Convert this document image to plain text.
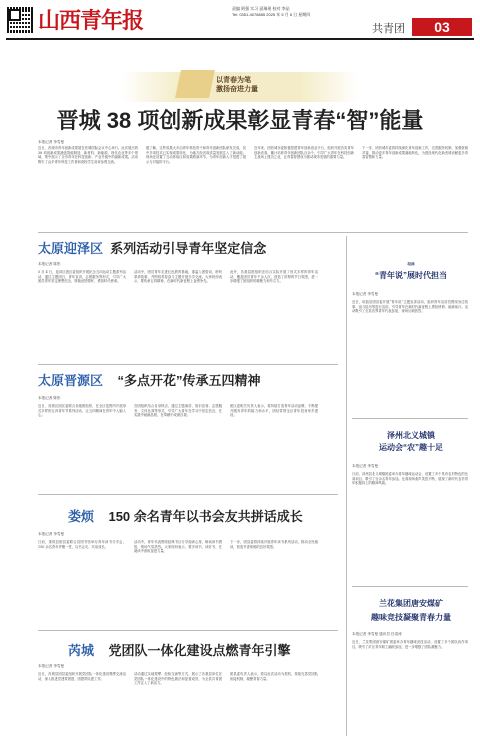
山西青年报	责编 阿强 实习 邱瑞瑶 校对 李品
Tel: 0351-4078855 2025 年 5 月 6 日 星期四
共青团	03
以青春为笔
激扬奋进力量
晋城 38 项创新成果彰显青春“智”能量
本报记者 李雪曼
近日，晋城市青年创新成果展在晋城国际会议中心举行。此次展出的 38 项创新成果涵盖智能制造、新材料、新能源、现代农业等多个领域，集中展示了全市青年在科技创新、产业升级中的最新成果。活动吸引了众多青年科技工作者和高校学生前来参观交流。
据了解，这些成果大多由青年科技骨干和青年创新团队研发完成，其中多项技术已实现成果转化，为地方经济高质量发展注入了新动能。现场还设置了互动体验区和成果路演环节，为青年创新人才搭建了展示与对接的平台。
近年来，团晋城市委积极搭建青年创新创业平台，组织开展各类青年创新竞赛，累计培育青年创新团队百余个，引导广大青年在科技创新主战场上建功立业，让青春智慧成为推动城市发展的重要力量。
下一步，团晋城市委将持续深化青年创新工作，完善服务机制，加强资源对接，推动更多青年创新成果落地转化，为建设现代化新晋城贡献更多青春智慧和力量。
太原迎泽区 系列活动引导青年坚定信念
本报记者 陈彤
5 月 4 日，迎泽区团区委组织开展纪念五四运动主题系列活动，通过主题团日、青年宣讲、志愿服务等形式，引导广大团员青年坚定理想信念，厚植爱国情怀，勇担时代使命。
活动中，团员青年走进红色教育基地，重温入团誓词，聆听革命故事，并围绕青春奋斗主题开展分享交流。大家纷纷表示，要传承五四精神，在新时代新征程上奋勇争先。
此外，各基层团组织还结合实际开展了形式多样的青年活动，覆盖团员青年千余人次，营造了浓厚的节日氛围，进一步增强了团组织的凝聚力和号召力。
太原晋源区 “多点开花”传承五四精神
本报记者 陈彤
近日，晋源区团区委联合各级团组织，在全区范围内开展形式多样的五四青年节系列活动，让五四精神在青年中入脑入心。
各团组织结合自身特点，通过主题演讲、知识竞赛、志愿服务、文体比赛等形式，引导广大青年在学习中坚定信念，在实践中砥砺品格，在奉献中成就自我。
团区委相关负责人表示，将持续打造青年活动品牌，不断提升服务青年的能力和水平，团结带领全区青年投身家乡建设。
娄烦 150 余名青年以书会友共拼话成长
本报记者 李雪曼
日前，娄烦县团县委联合县图书馆举办青年读书分享会，150 余名青年齐聚一堂，以书会友、共话成长。
活动中，青年代表围绕经典书目分享阅读心得，畅谈读书感悟，现场气氛热烈。大家纷纷表示，要多读书、读好书，在阅读中汲取奋进力量。
下一步，团县委将持续开展青年读书系列活动，推动全民阅读，营造书香浓郁的良好氛围。
芮城 党团队一体化建设点燃青年引擎
本报记者 李雪曼
近日，芮城县团县委组织开展党团队一体化建设观摩交流活动，深入推进党建带团建、团建带队建工作。
活动通过实地观摩、经验交流等方式，展示了各基层单位在党团队一体化建设中的特色做法和显著成效，为全县共青团工作注入了新活力。
团县委负责人表示，将以此次活动为契机，持续完善党团队衔接机制，凝聚青春力量。
垣曲
“青年说”展时代担当
本报记者 李雪曼
近日，垣曲县团县委开展“青年说”主题宣讲活动，组织青年宣讲员围绕身边故事、奋斗经历等进行宣讲，引导青年在新时代新征程上勇担使命、砥砺前行。活动吸引了全县各界青年代表参加，现场反响热烈。
泽州北义城镇
运动会“农”趣十足
本报记者 李雪曼
日前，泽州县北义城镇团委举办青年趣味运动会，设置了多个具有农村特色的比赛项目，吸引了百余名青年参加。比赛现场欢声笑语不断，展现了新时代农村青年积极向上的精神风貌。
兰花集团唐安煤矿
趣味竞技凝聚青春力量
本报记者 李雪曼 通讯员 任清涛
近日，兰花集团唐安煤矿团委举办青年趣味竞技活动，设置了多个团队协作项目，吸引了矿区青年职工踊跃参加，进一步增强了团队凝聚力。
